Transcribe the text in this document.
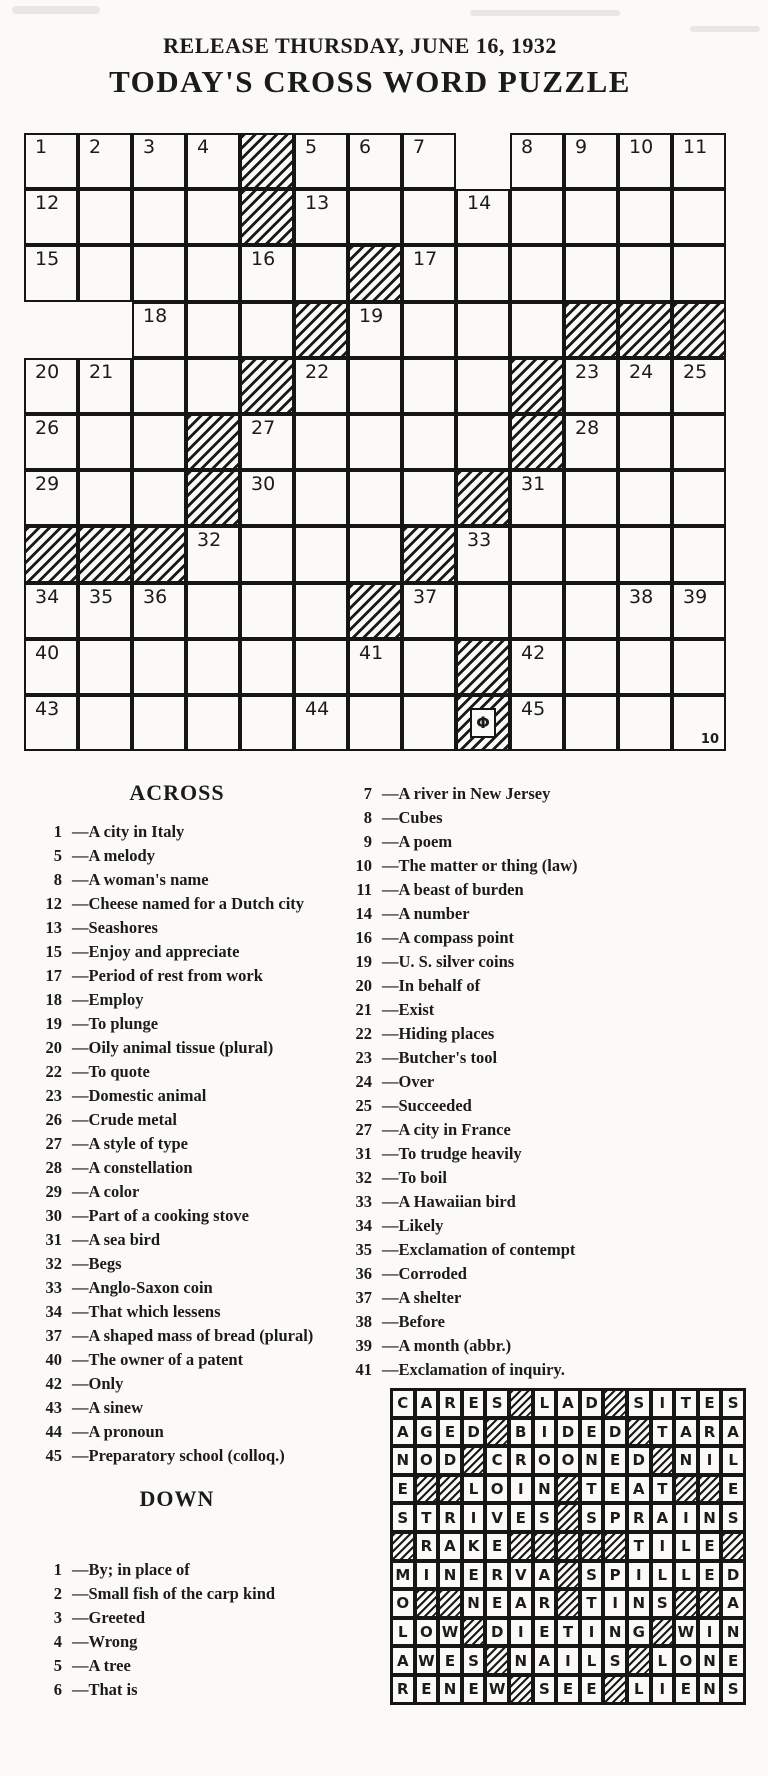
RELEASE THURSDAY, JUNE 16, 1932
TODAY'S CROSS WORD PUZZLE
1 2 3 4	5 6 7	8 9 10 11
12	13	14
15	16	17
18	19
20 21	22	23 24 25
26	27	28
29	30	31
32	33
34 35 36	37	38 39
40	41	42
43	44
Φ
45
10
ACROSS
1 —A city in Italy
5 —A melody
8 —A woman's name
12 —Cheese named for a Dutch city
13 —Seashores
15 —Enjoy and appreciate
17 —Period of rest from work
18 —Employ
19 —To plunge
20 —Oily animal tissue (plural)
22 —To quote
23 —Domestic animal
26 —Crude metal
27 —A style of type
28 —A constellation
29 —A color
30 —Part of a cooking stove
31 —A sea bird
32 —Begs
33 —Anglo-Saxon coin
34 —That which lessens
37 —A shaped mass of bread (plural)
40 —The owner of a patent
42 —Only
43 —A sinew
44 —A pronoun
45 —Preparatory school (colloq.)
DOWN
1 —By; in place of
2 —Small fish of the carp kind
3 —Greeted
4 —Wrong
5 —A tree
6 —That is
7 —A river in New Jersey
8 —Cubes
9 —A poem
10 —The matter or thing (law)
11 —A beast of burden
14 —A number
16 —A compass point
19 —U. S. silver coins
20 —In behalf of
21 —Exist
22 —Hiding places
23 —Butcher's tool
24 —Over
25 —Succeeded
27 —A city in France
31 —To trudge heavily
32 —To boil
33 —A Hawaiian bird
34 —Likely
35 —Exclamation of contempt
36 —Corroded
37 —A shelter
38 —Before
39 —A month (abbr.)
41 —Exclamation of inquiry.
C A R E S	L A D	S	I	T E S
A G E D	B	I D E D	T A R A
N O D	C R O O N E D	N I	L
E	L O I N	T E A T	E
S T R	I V E S	S P R A	I N S
R A K E	T	I	L E
M I N E R V A	S P	I	L L E D
O	N E A R	T	I N S	A
L O W	D I	E T	I N G	W I N
A W E S	N A	I	L S	L O N E
R E N E W	S E E	L	I	E N S
